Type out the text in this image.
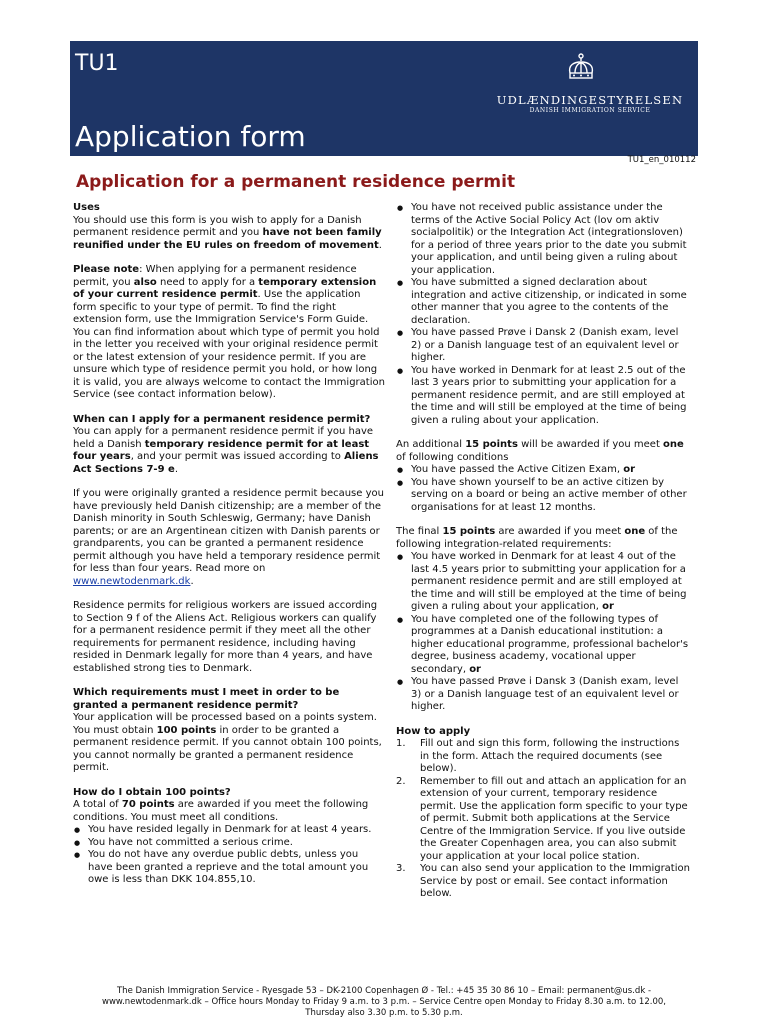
TU1
Application form
UDLÆNDINGESTYRELSEN
DANISH IMMIGRATION SERVICE
TU1_en_010112
Application for a permanent residence permit
Uses

You should use this form is you wish to apply for a Danish permanent residence permit and you have not been family reunified under the EU rules on freedom of movement.

Please note: When applying for a permanent residence permit, you also need to apply for a temporary extension of your current residence permit. Use the application form specific to your type of permit. To find the right extension form, use the Immigration Service's Form Guide. You can find information about which type of permit you hold in the letter you received with your original residence permit or the latest extension of your residence permit. If you are unsure which type of residence permit you hold, or how long it is valid, you are always welcome to contact the Immigration Service (see contact information below).

When can I apply for a permanent residence permit?

You can apply for a permanent residence permit if you have held a Danish temporary residence permit for at least four years, and your permit was issued according to Aliens Act Sections 7-9 e.

If you were originally granted a residence permit because you have previously held Danish citizenship; are a member of the Danish minority in South Schleswig, Germany; have Danish parents; or are an Argentinean citizen with Danish parents or grandparents, you can be granted a permanent residence permit although you have held a temporary residence permit for less than four years. Read more on www.newtodenmark.dk.

Residence permits for religious workers are issued according to Section 9 f of the Aliens Act. Religious workers can qualify for a permanent residence permit if they meet all the other requirements for permanent residence, including having resided in Denmark legally for more than 4 years, and have established strong ties to Denmark.

Which requirements must I meet in order to be granted a permanent residence permit?

Your application will be processed based on a points system. You must obtain 100 points in order to be granted a permanent residence permit. If you cannot obtain 100 points, you cannot normally be granted a permanent residence permit.

How do I obtain 100 points?
A total of 70 points are awarded if you meet the following conditions. You must meet all conditions.
● You have resided legally in Denmark for at least 4 years.
● You have not committed a serious crime.
● You do not have any overdue public debts, unless you have been granted a reprieve and the total amount you owe is less than DKK 104.855,10.
● You have not received public assistance under the terms of the Active Social Policy Act (lov om aktiv socialpolitik) or the Integration Act (integrationsloven) for a period of three years prior to the date you submit your application, and until being given a ruling about your application.
● You have submitted a signed declaration about integration and active citizenship, or indicated in some other manner that you agree to the contents of the declaration.
● You have passed Prøve i Dansk 2 (Danish exam, level 2) or a Danish language test of an equivalent level or higher.
● You have worked in Denmark for at least 2.5 out of the last 3 years prior to submitting your application for a permanent residence permit, and are still employed at the time and will still be employed at the time of being given a ruling about your application.
An additional 15 points will be awarded if you meet one of following conditions
● You have passed the Active Citizen Exam, or
● You have shown yourself to be an active citizen by serving on a board or being an active member of other organisations for at least 12 months.
The final 15 points are awarded if you meet one of the following integration-related requirements:
● You have worked in Denmark for at least 4 out of the last 4.5 years prior to submitting your application for a permanent residence permit and are still employed at the time and will still be employed at the time of being given a ruling about your application, or
● You have completed one of the following types of programmes at a Danish educational institution: a higher educational programme, professional bachelor's degree, business academy, vocational upper secondary, or
● You have passed Prøve i Dansk 3 (Danish exam, level 3) or a Danish language test of an equivalent level or higher.
How to apply
1. Fill out and sign this form, following the instructions in the form. Attach the required documents (see below).
2. Remember to fill out and attach an application for an extension of your current, temporary residence permit. Use the application form specific to your type of permit. Submit both applications at the Service Centre of the Immigration Service. If you live outside the Greater Copenhagen area, you can also submit your application at your local police station.
3. You can also send your application to the Immigration Service by post or email. See contact information below.
The Danish Immigration Service - Ryesgade 53 – DK-2100 Copenhagen Ø - Tel.: +45 35 30 86 10 – Email: permanent@us.dk -
www.newtodenmark.dk – Office hours Monday to Friday 9 a.m. to 3 p.m. – Service Centre open Monday to Friday 8.30 a.m. to 12.00,
Thursday also 3.30 p.m. to 5.30 p.m.
